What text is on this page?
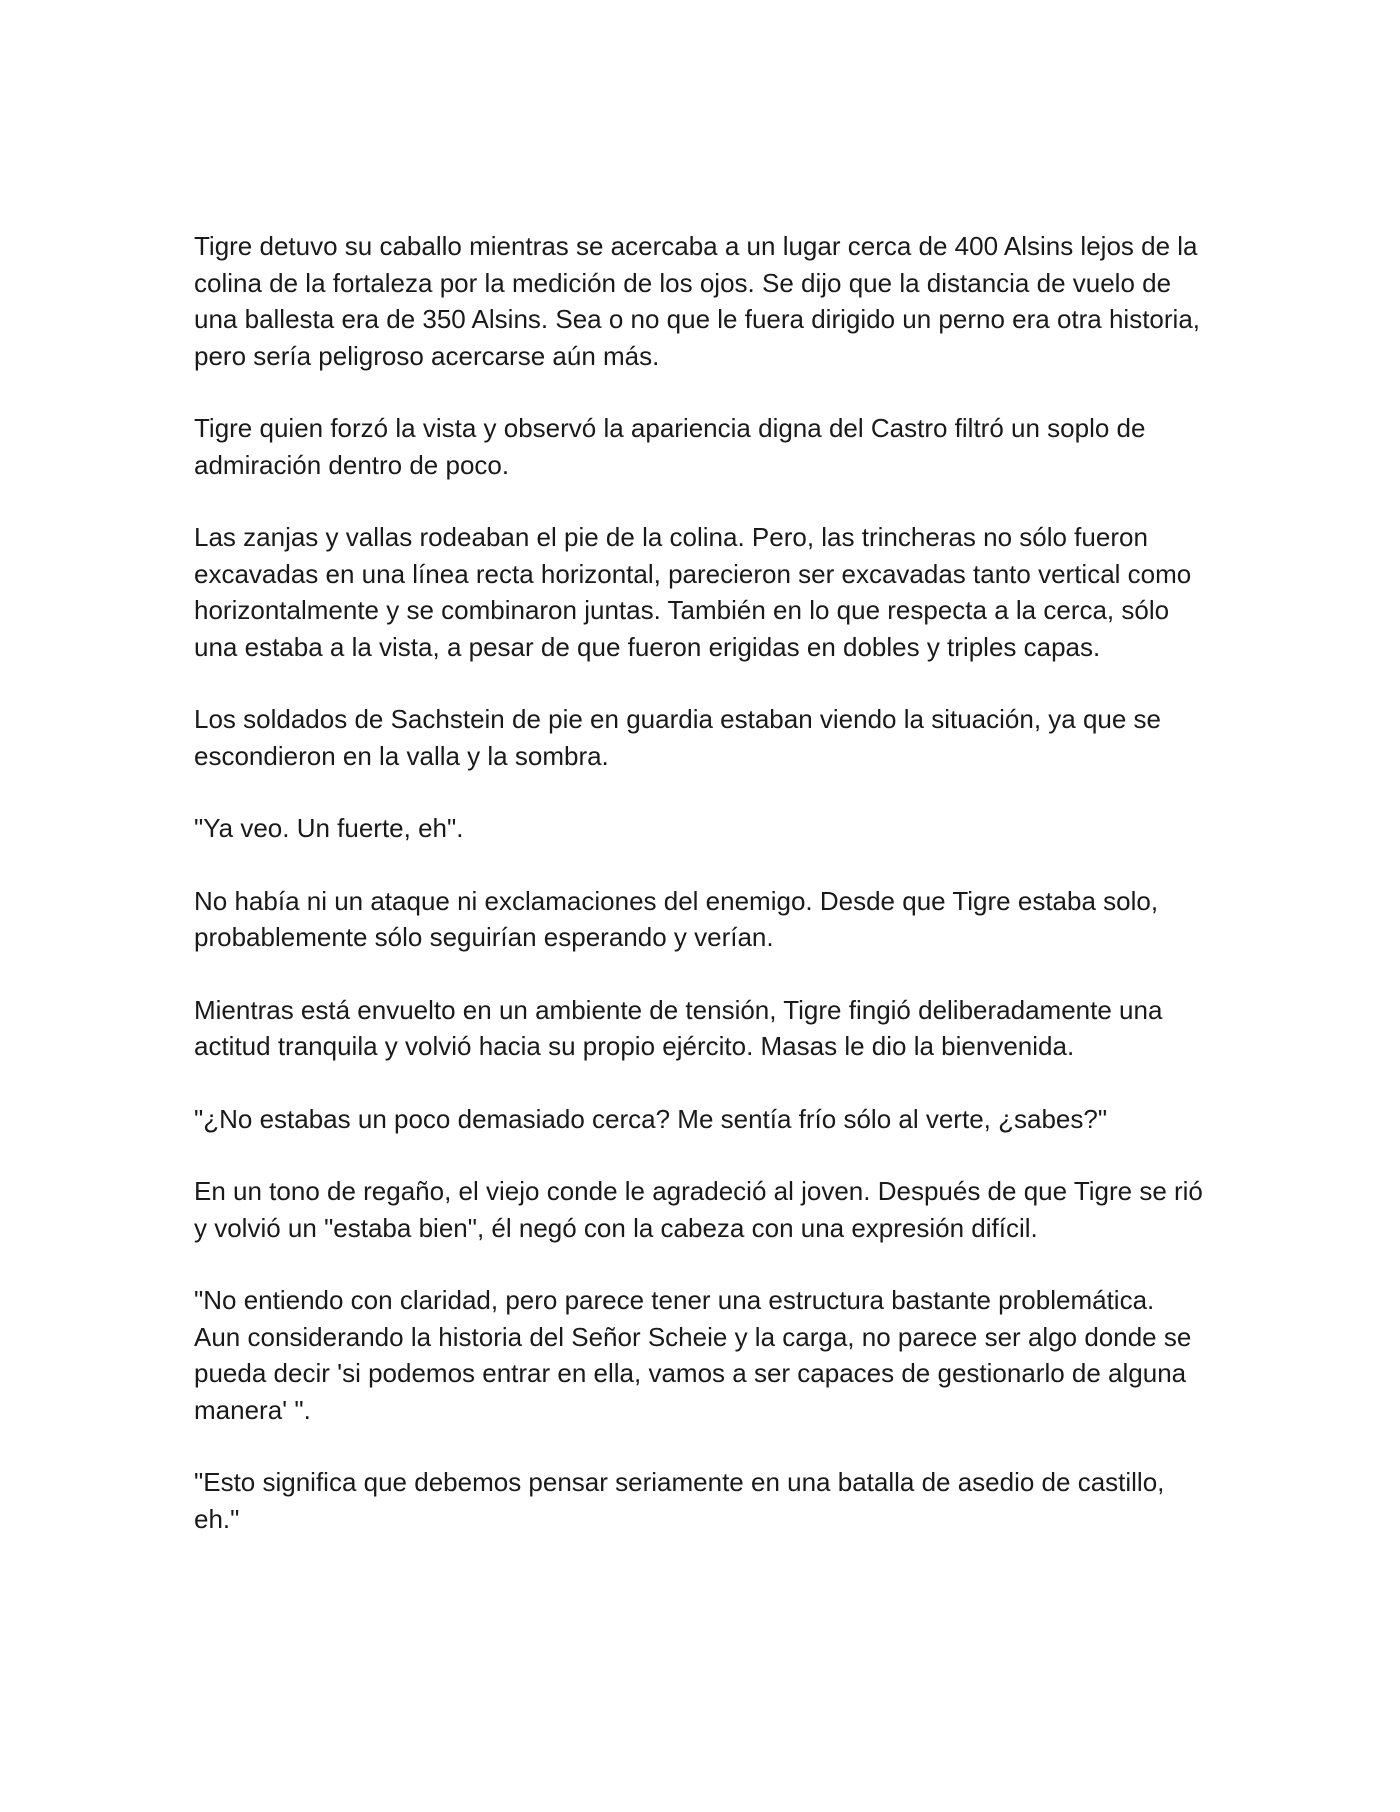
Tigre detuvo su caballo mientras se acercaba a un lugar cerca de 400 Alsins lejos de la colina de la fortaleza por la medición de los ojos. Se dijo que la distancia de vuelo de una ballesta era de 350 Alsins. Sea o no que le fuera dirigido un perno era otra historia, pero sería peligroso acercarse aún más.

Tigre quien forzó la vista y observó la apariencia digna del Castro filtró un soplo de admiración dentro de poco.

Las zanjas y vallas rodeaban el pie de la colina. Pero, las trincheras no sólo fueron excavadas en una línea recta horizontal, parecieron ser excavadas tanto vertical como horizontalmente y se combinaron juntas. También en lo que respecta a la cerca, sólo una estaba a la vista, a pesar de que fueron erigidas en dobles y triples capas.

Los soldados de Sachstein de pie en guardia estaban viendo la situación, ya que se escondieron en la valla y la sombra.

"Ya veo. Un fuerte, eh".

No había ni un ataque ni exclamaciones del enemigo. Desde que Tigre estaba solo, probablemente sólo seguirían esperando y verían.

Mientras está envuelto en un ambiente de tensión, Tigre fingió deliberadamente una actitud tranquila y volvió hacia su propio ejército. Masas le dio la bienvenida.

"¿No estabas un poco demasiado cerca? Me sentía frío sólo al verte, ¿sabes?"

En un tono de regaño, el viejo conde le agradeció al joven. Después de que Tigre se rió y volvió un "estaba bien", él negó con la cabeza con una expresión difícil.

"No entiendo con claridad, pero parece tener una estructura bastante problemática. Aun considerando la historia del Señor Scheie y la carga, no parece ser algo donde se pueda decir 'si podemos entrar en ella, vamos a ser capaces de gestionarlo de alguna manera' ".

"Esto significa que debemos pensar seriamente en una batalla de asedio de castillo, eh."
